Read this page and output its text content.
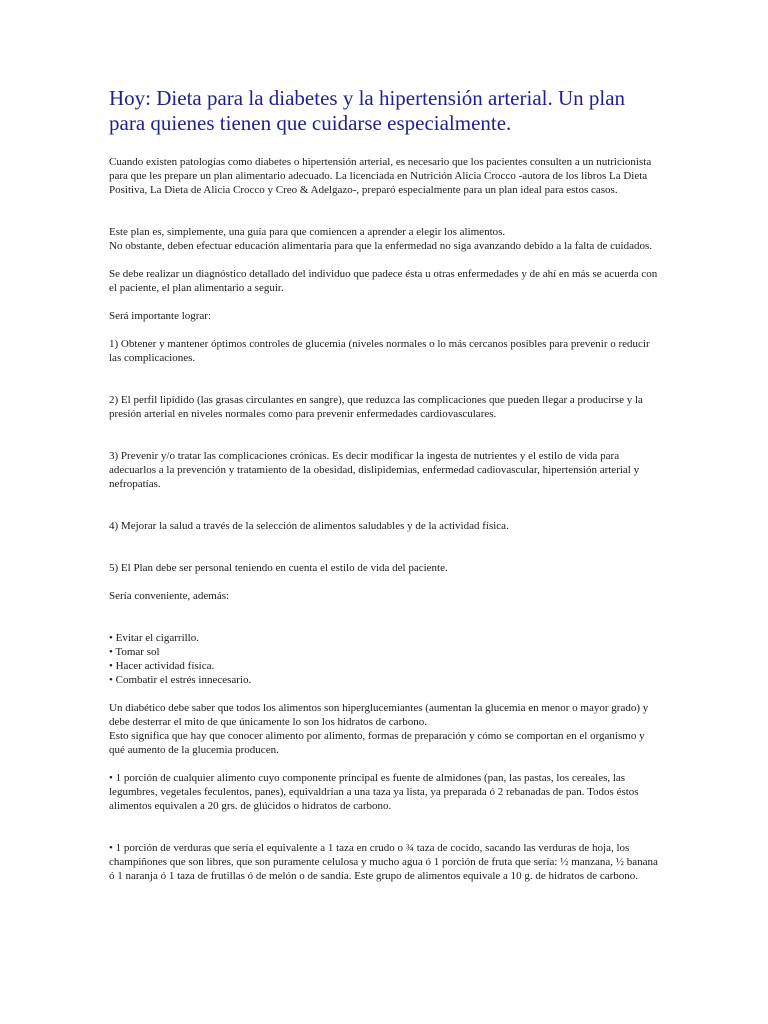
Hoy: Dieta para la diabetes y la hipertensión arterial. Un plan para quienes tienen que cuidarse especialmente.

Cuando existen patologías como diabetes o hipertensión arterial, es necesario que los pacientes consulten a un nutricionista para que les prepare un plan alimentario adecuado. La licenciada en Nutrición Alicia Crocco -autora de los libros La Dieta Positiva, La Dieta de Alicia Crocco y Creo & Adelgazo-, preparó especialmente para un plan ideal para estos casos.

Este plan es, simplemente, una guía para que comiencen a aprender a elegir los alimentos.

No obstante, deben efectuar educación alimentaria para que la enfermedad no siga avanzando debido a la falta de cuidados.

Se debe realizar un diagnóstico detallado del individuo que padece ésta u otras enfermedades y de ahí en más se acuerda con el paciente, el plan alimentario a seguir.

Será importante lograr:

1) Obtener y mantener óptimos controles de glucemia (niveles normales o lo más cercanos posibles para prevenir o reducir las complicaciones.

2) El perfil lipídido (las grasas circulantes en sangre), que reduzca las complicaciones que pueden llegar a producirse y la presión arterial en niveles normales como para prevenir enfermedades cardiovasculares.

3) Prevenir y/o tratar las complicaciones crónicas. Es decir modificar la ingesta de nutrientes y el estilo de vida para adecuarlos a la prevención y tratamiento de la obesidad, dislipidemias, enfermedad cadiovascular, hipertensión arterial y nefropatías.

4) Mejorar la salud a través de la selección de alimentos saludables y de la actividad física.

5) El Plan debe ser personal teniendo en cuenta el estilo de vida del paciente.

Sería conveniente, además:

• Evitar el cigarrillo.
• Tomar sol
• Hacer actividad física.
• Combatir el estrés innecesario.

Un diabético debe saber que todos los alimentos son hiperglucemiantes (aumentan la glucemia en menor o mayor grado) y debe desterrar el mito de que únicamente lo son los hidratos de carbono.

Esto significa que hay que conocer alimento por alimento, formas de preparación y cómo se comportan en el organismo y qué aumento de la glucemia producen.

• 1 porción de cualquier alimento cuyo componente principal es fuente de almidones (pan, las pastas, los cereales, las legumbres, vegetales feculentos, panes), equivaldrían a una taza ya lista, ya preparada ó 2 rebanadas de pan. Todos éstos alimentos equivalen a 20 grs. de glúcidos o hidratos de carbono.

• 1 porción de verduras que sería el equivalente a 1 taza en crudo o ¾ taza de cocido, sacando las verduras de hoja, los champiñones que son libres, que son puramente celulosa y mucho agua ó 1 porción de fruta que sería: ½ manzana, ½ banana ó 1 naranja ó 1 taza de frutillas ó de melón o de sandía. Este grupo de alimentos equivale a 10 g. de hidratos de carbono.
